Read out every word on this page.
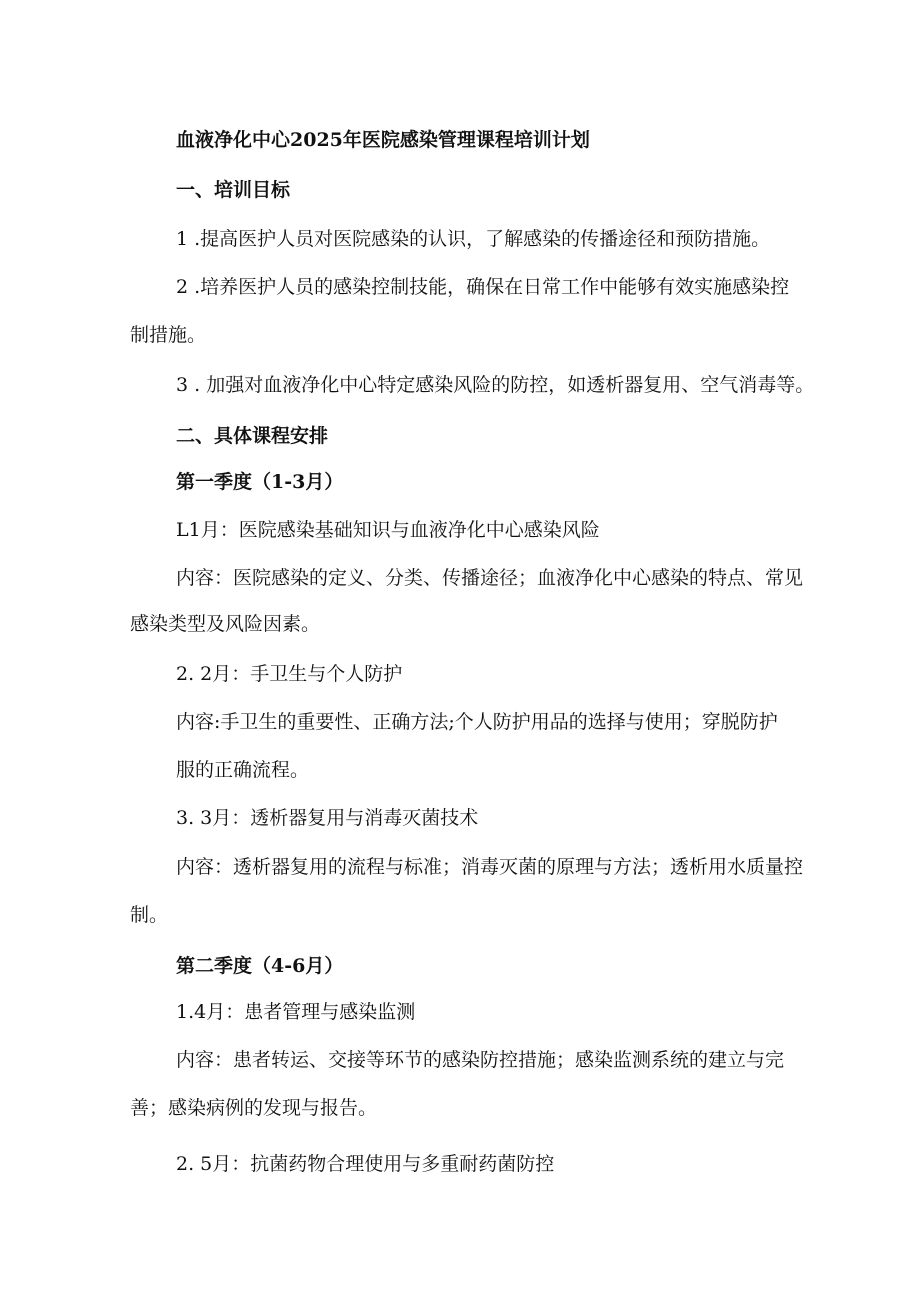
血液净化中心2025年医院感染管理课程培训计划
一、培训目标
1 .提高医护人员对医院感染的认识，了解感染的传播途径和预防措施。
2 .培养医护人员的感染控制技能，确保在日常工作中能够有效实施感染控
制措施。
3 . 加强对血液净化中心特定感染风险的防控，如透析器复用、空气消毒等。
二、具体课程安排
第一季度（1-3月）
L1月：医院感染基础知识与血液净化中心感染风险
内容：医院感染的定义、分类、传播途径；血液净化中心感染的特点、常见
感染类型及风险因素。
2. 2月：手卫生与个人防护
内容:手卫生的重要性、正确方法;个人防护用品的选择与使用；穿脱防护
服的正确流程。
3. 3月：透析器复用与消毒灭菌技术
内容：透析器复用的流程与标准；消毒灭菌的原理与方法；透析用水质量控
制。
第二季度（4-6月）
1.4月：患者管理与感染监测
内容：患者转运、交接等环节的感染防控措施；感染监测系统的建立与完
善；感染病例的发现与报告。
2. 5月：抗菌药物合理使用与多重耐药菌防控
